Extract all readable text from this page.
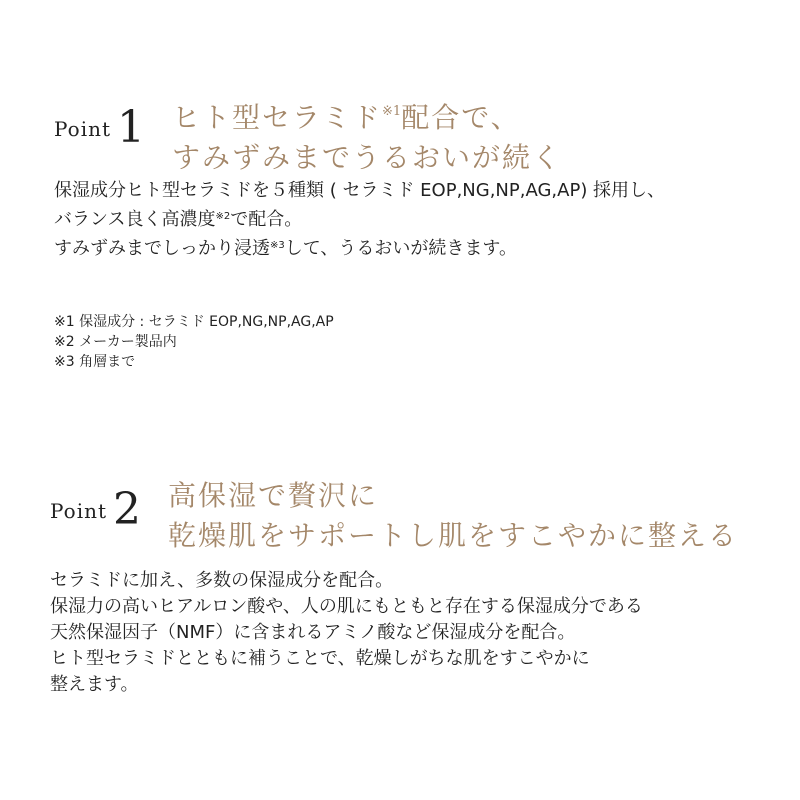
Point 1 ヒト型セラミド$^{※1}$配合で、
すみずみまでうるおいが続く
保湿成分ヒト型セラミドを５種類 ( セラミド EOP,NG,NP,AG,AP) 採用し、
バランス良く高濃度$^{※2}$で配合。
すみずみまでしっかり浸透$^{※3}$して、うるおいが続きます。
※1 保湿成分 : セラミド EOP,NG,NP,AG,AP
※2 メーカー製品内
※3 角層まで
Point 2 高保湿で贅沢に
乾燥肌をサポートし肌をすこやかに整える
セラミドに加え、多数の保湿成分を配合。
保湿力の高いヒアルロン酸や、人の肌にもともと存在する保湿成分である
天然保湿因子（NMF）に含まれるアミノ酸など保湿成分を配合。
ヒト型セラミドとともに補うことで、乾燥しがちな肌をすこやかに
整えます。
